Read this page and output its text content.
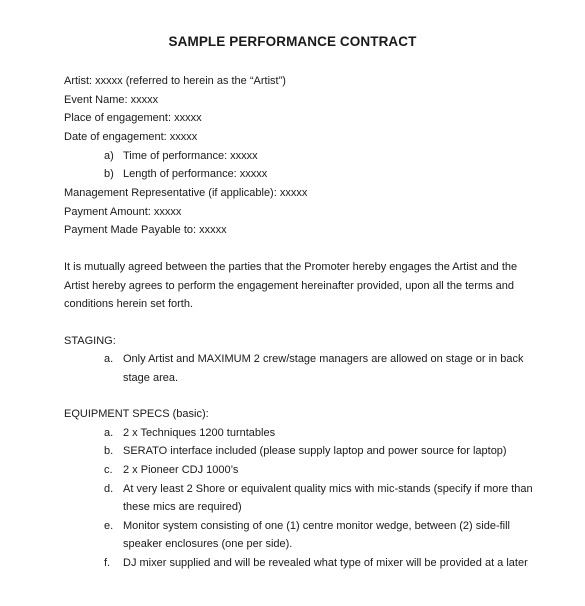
SAMPLE PERFORMANCE CONTRACT
Artist: xxxxx (referred to herein as the “Artist”)
Event Name: xxxxx
Place of engagement: xxxxx
Date of engagement: xxxxx
a) Time of performance: xxxxx
b) Length of performance: xxxxx
Management Representative (if applicable): xxxxx
Payment Amount: xxxxx
Payment Made Payable to: xxxxx
It is mutually agreed between the parties that the Promoter hereby engages the Artist and the
Artist hereby agrees to perform the engagement hereinafter provided, upon all the terms and
conditions herein set forth.
STAGING:
a. Only Artist and MAXIMUM 2 crew/stage managers are allowed on stage or in back
stage area.
EQUIPMENT SPECS (basic):
a. 2 x Techniques 1200 turntables
b. SERATO interface included (please supply laptop and power source for laptop)
c. 2 x Pioneer CDJ 1000’s
d. At very least 2 Shore or equivalent quality mics with mic-stands (specify if more than
these mics are required)
e. Monitor system consisting of one (1) centre monitor wedge, between (2) side-fill
speaker enclosures (one per side).
f. DJ mixer supplied and will be revealed what type of mixer will be provided at a later
